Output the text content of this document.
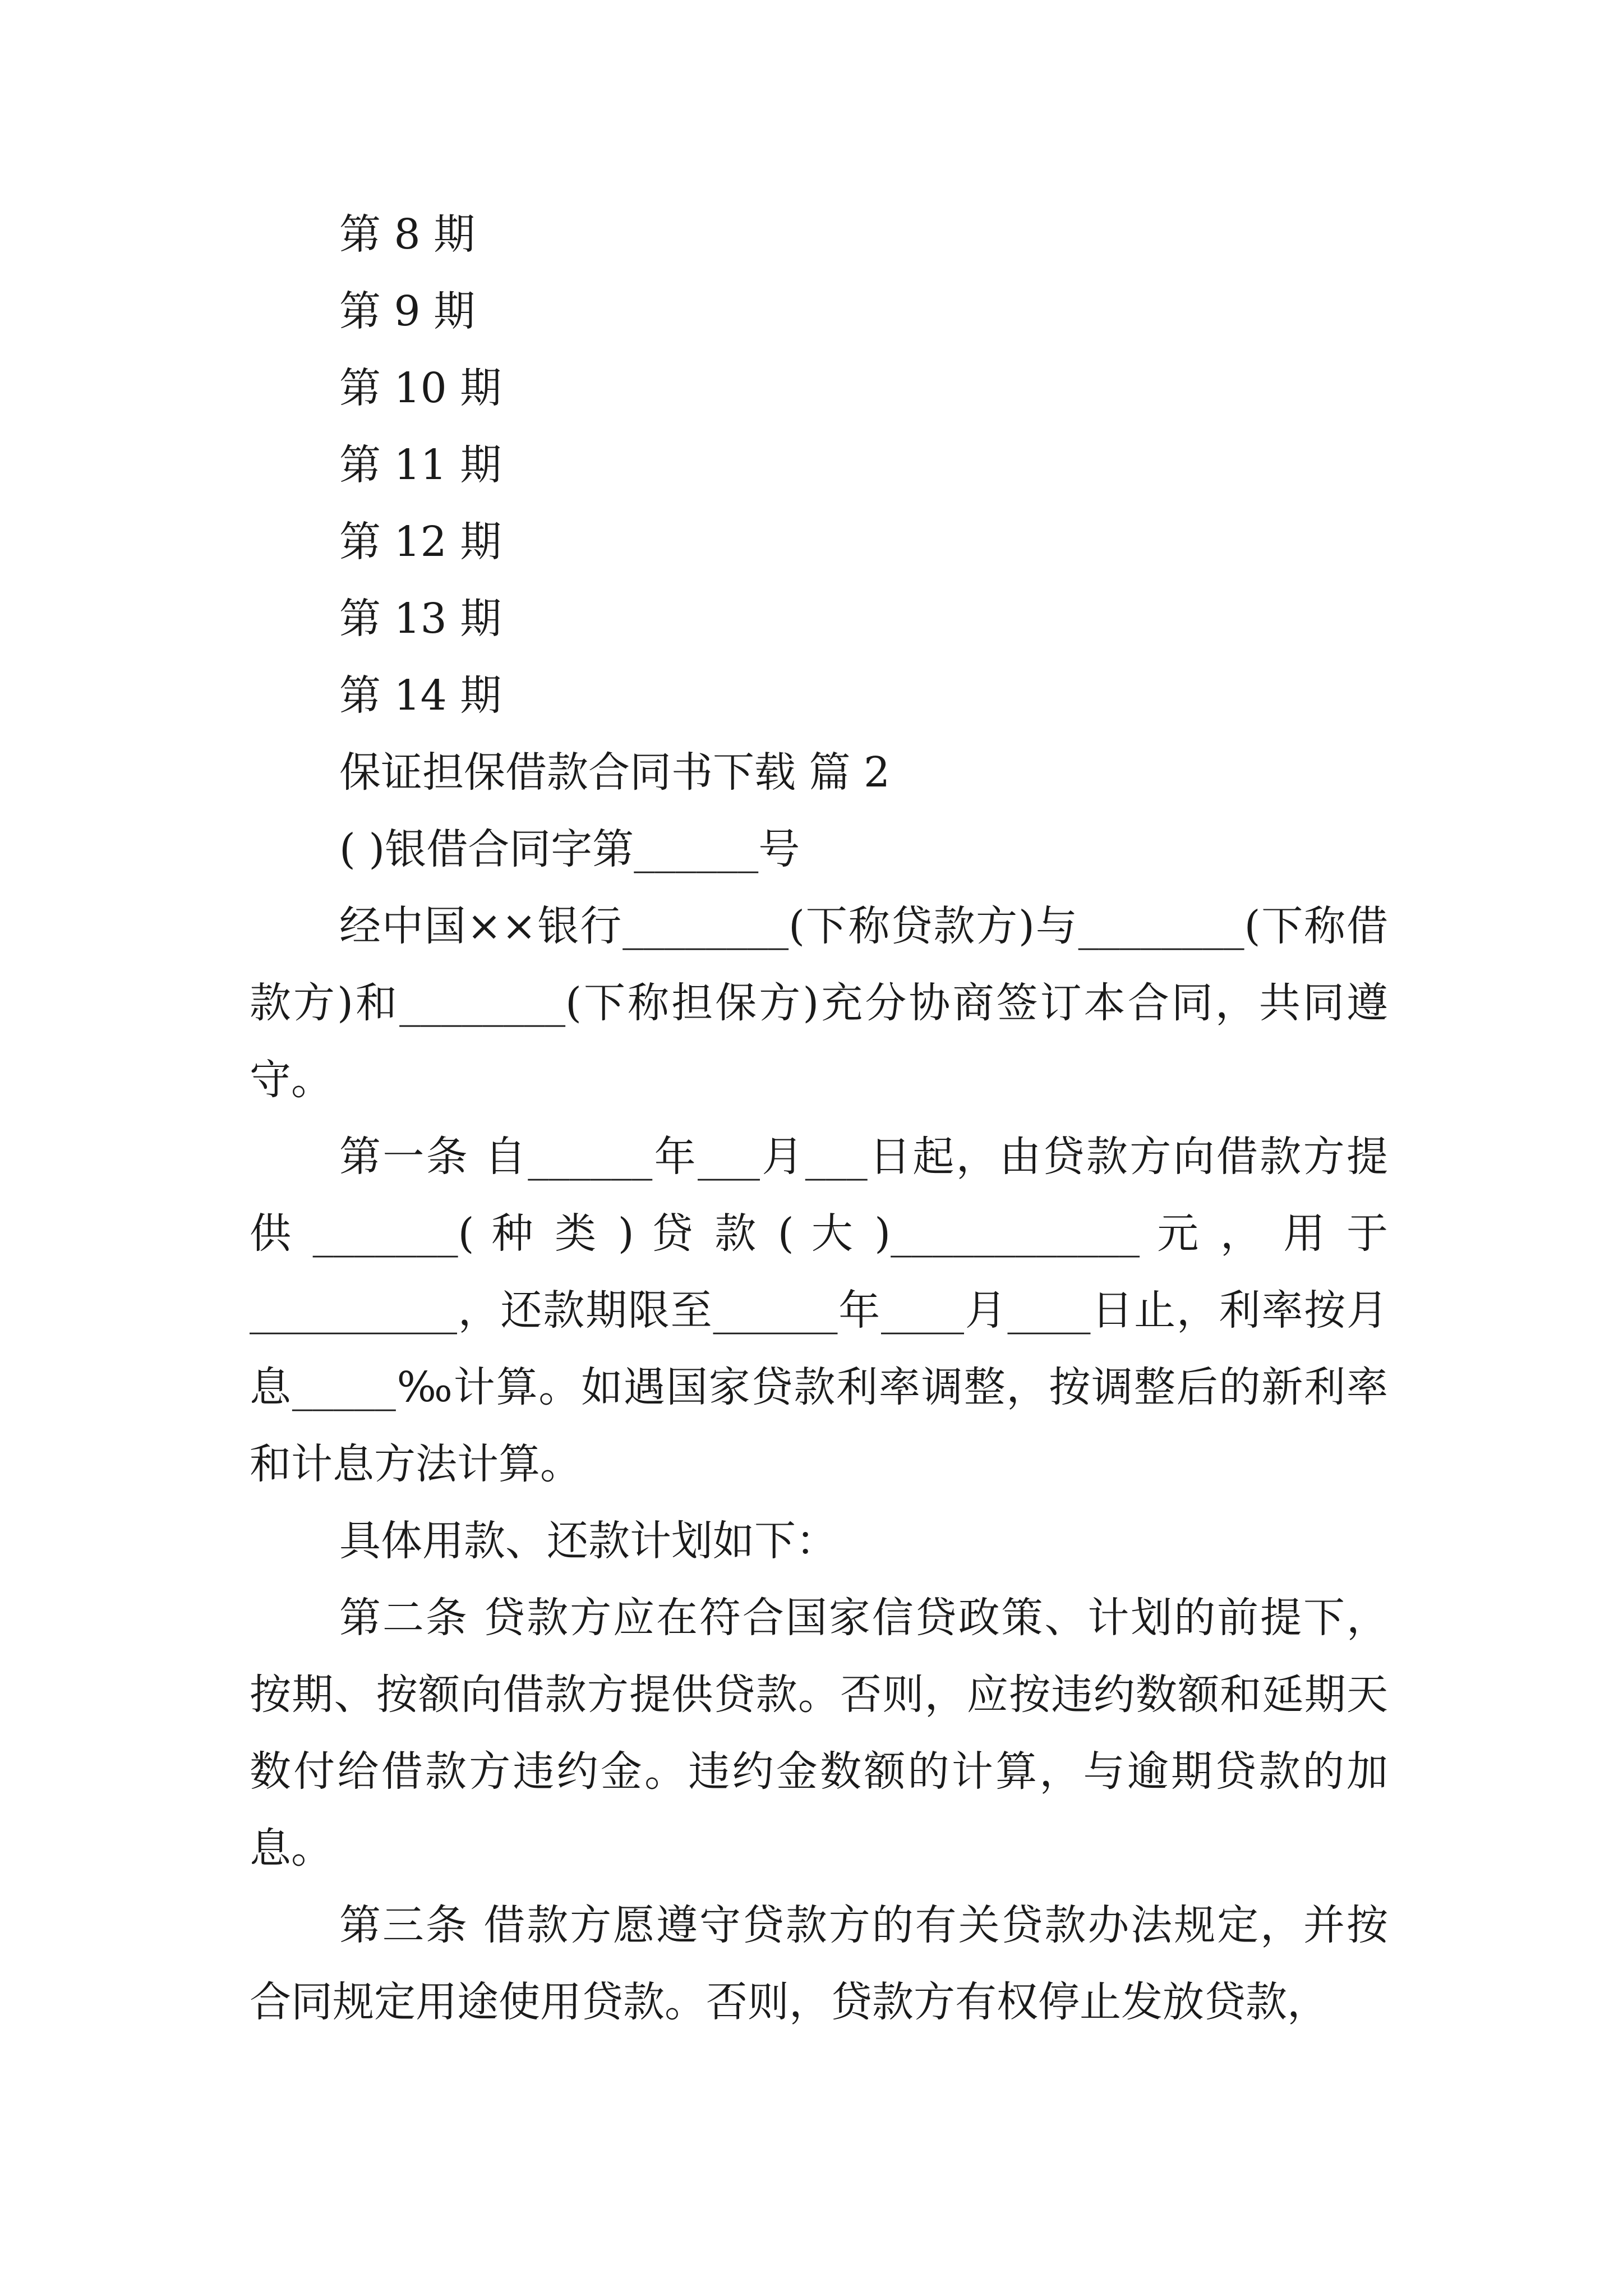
第 8 期
第 9 期
第 10 期
第 11 期
第 12 期
第 13 期
第 14 期
保证担保借款合同书下载 篇 2
( )银借合同字第______号

经中国××银行________(下称贷款方)与________(下称借款方)和________(下称担保方)充分协商签订本合同，共同遵守。

第一条 自______年___月___日起，由贷款方向借款方提 供 _______( 种 类 ) 贷 款 ( 大 )____________ 元 ， 用 于__________，还款期限至______年____月____日止，利率按月息_____‰计算。如遇国家贷款利率调整，按调整后的新利率和计息方法计算。

具体用款、还款计划如下：

第二条 贷款方应在符合国家信贷政策、计划的前提下，按期、按额向借款方提供贷款。否则，应按违约数额和延期天数付给借款方违约金。违约金数额的计算，与逾期贷款的加息。

第三条 借款方愿遵守贷款方的有关贷款办法规定，并按合同规定用途使用贷款。否则，贷款方有权停止发放贷款，
